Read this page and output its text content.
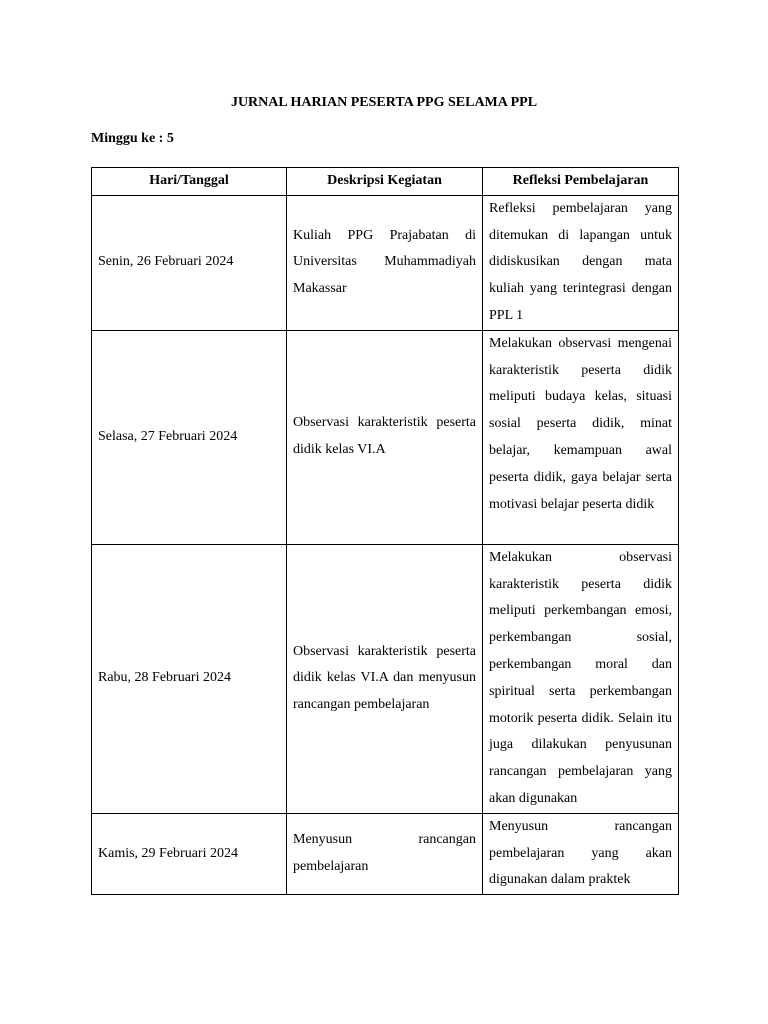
JURNAL HARIAN PESERTA PPG SELAMA PPL
Minggu ke : 5
Hari/Tanggal	Deskripsi Kegiatan	Refleksi Pembelajaran
Senin, 26 Februari 2024	Kuliah PPG Prajabatan di Universitas Muhammadiyah Makassar	Refleksi pembelajaran yang ditemukan di lapangan untuk didiskusikan dengan mata kuliah yang terintegrasi dengan PPL 1
Selasa, 27 Februari 2024	Observasi karakteristik peserta didik kelas VI.A	Melakukan observasi mengenai karakteristik peserta didik meliputi budaya kelas, situasi sosial peserta didik, minat belajar, kemampuan awal peserta didik, gaya belajar serta motivasi belajar peserta didik
Rabu, 28 Februari 2024	Observasi karakteristik peserta didik kelas VI.A dan menyusun rancangan pembelajaran	Melakukan observasi karakteristik peserta didik meliputi perkembangan emosi, perkembangan sosial, perkembangan moral dan spiritual serta perkembangan motorik peserta didik. Selain itu juga dilakukan penyusunan rancangan pembelajaran yang akan digunakan
Kamis, 29 Februari 2024	Menyusun rancangan pembelajaran	Menyusun rancangan pembelajaran yang akan digunakan dalam praktek
